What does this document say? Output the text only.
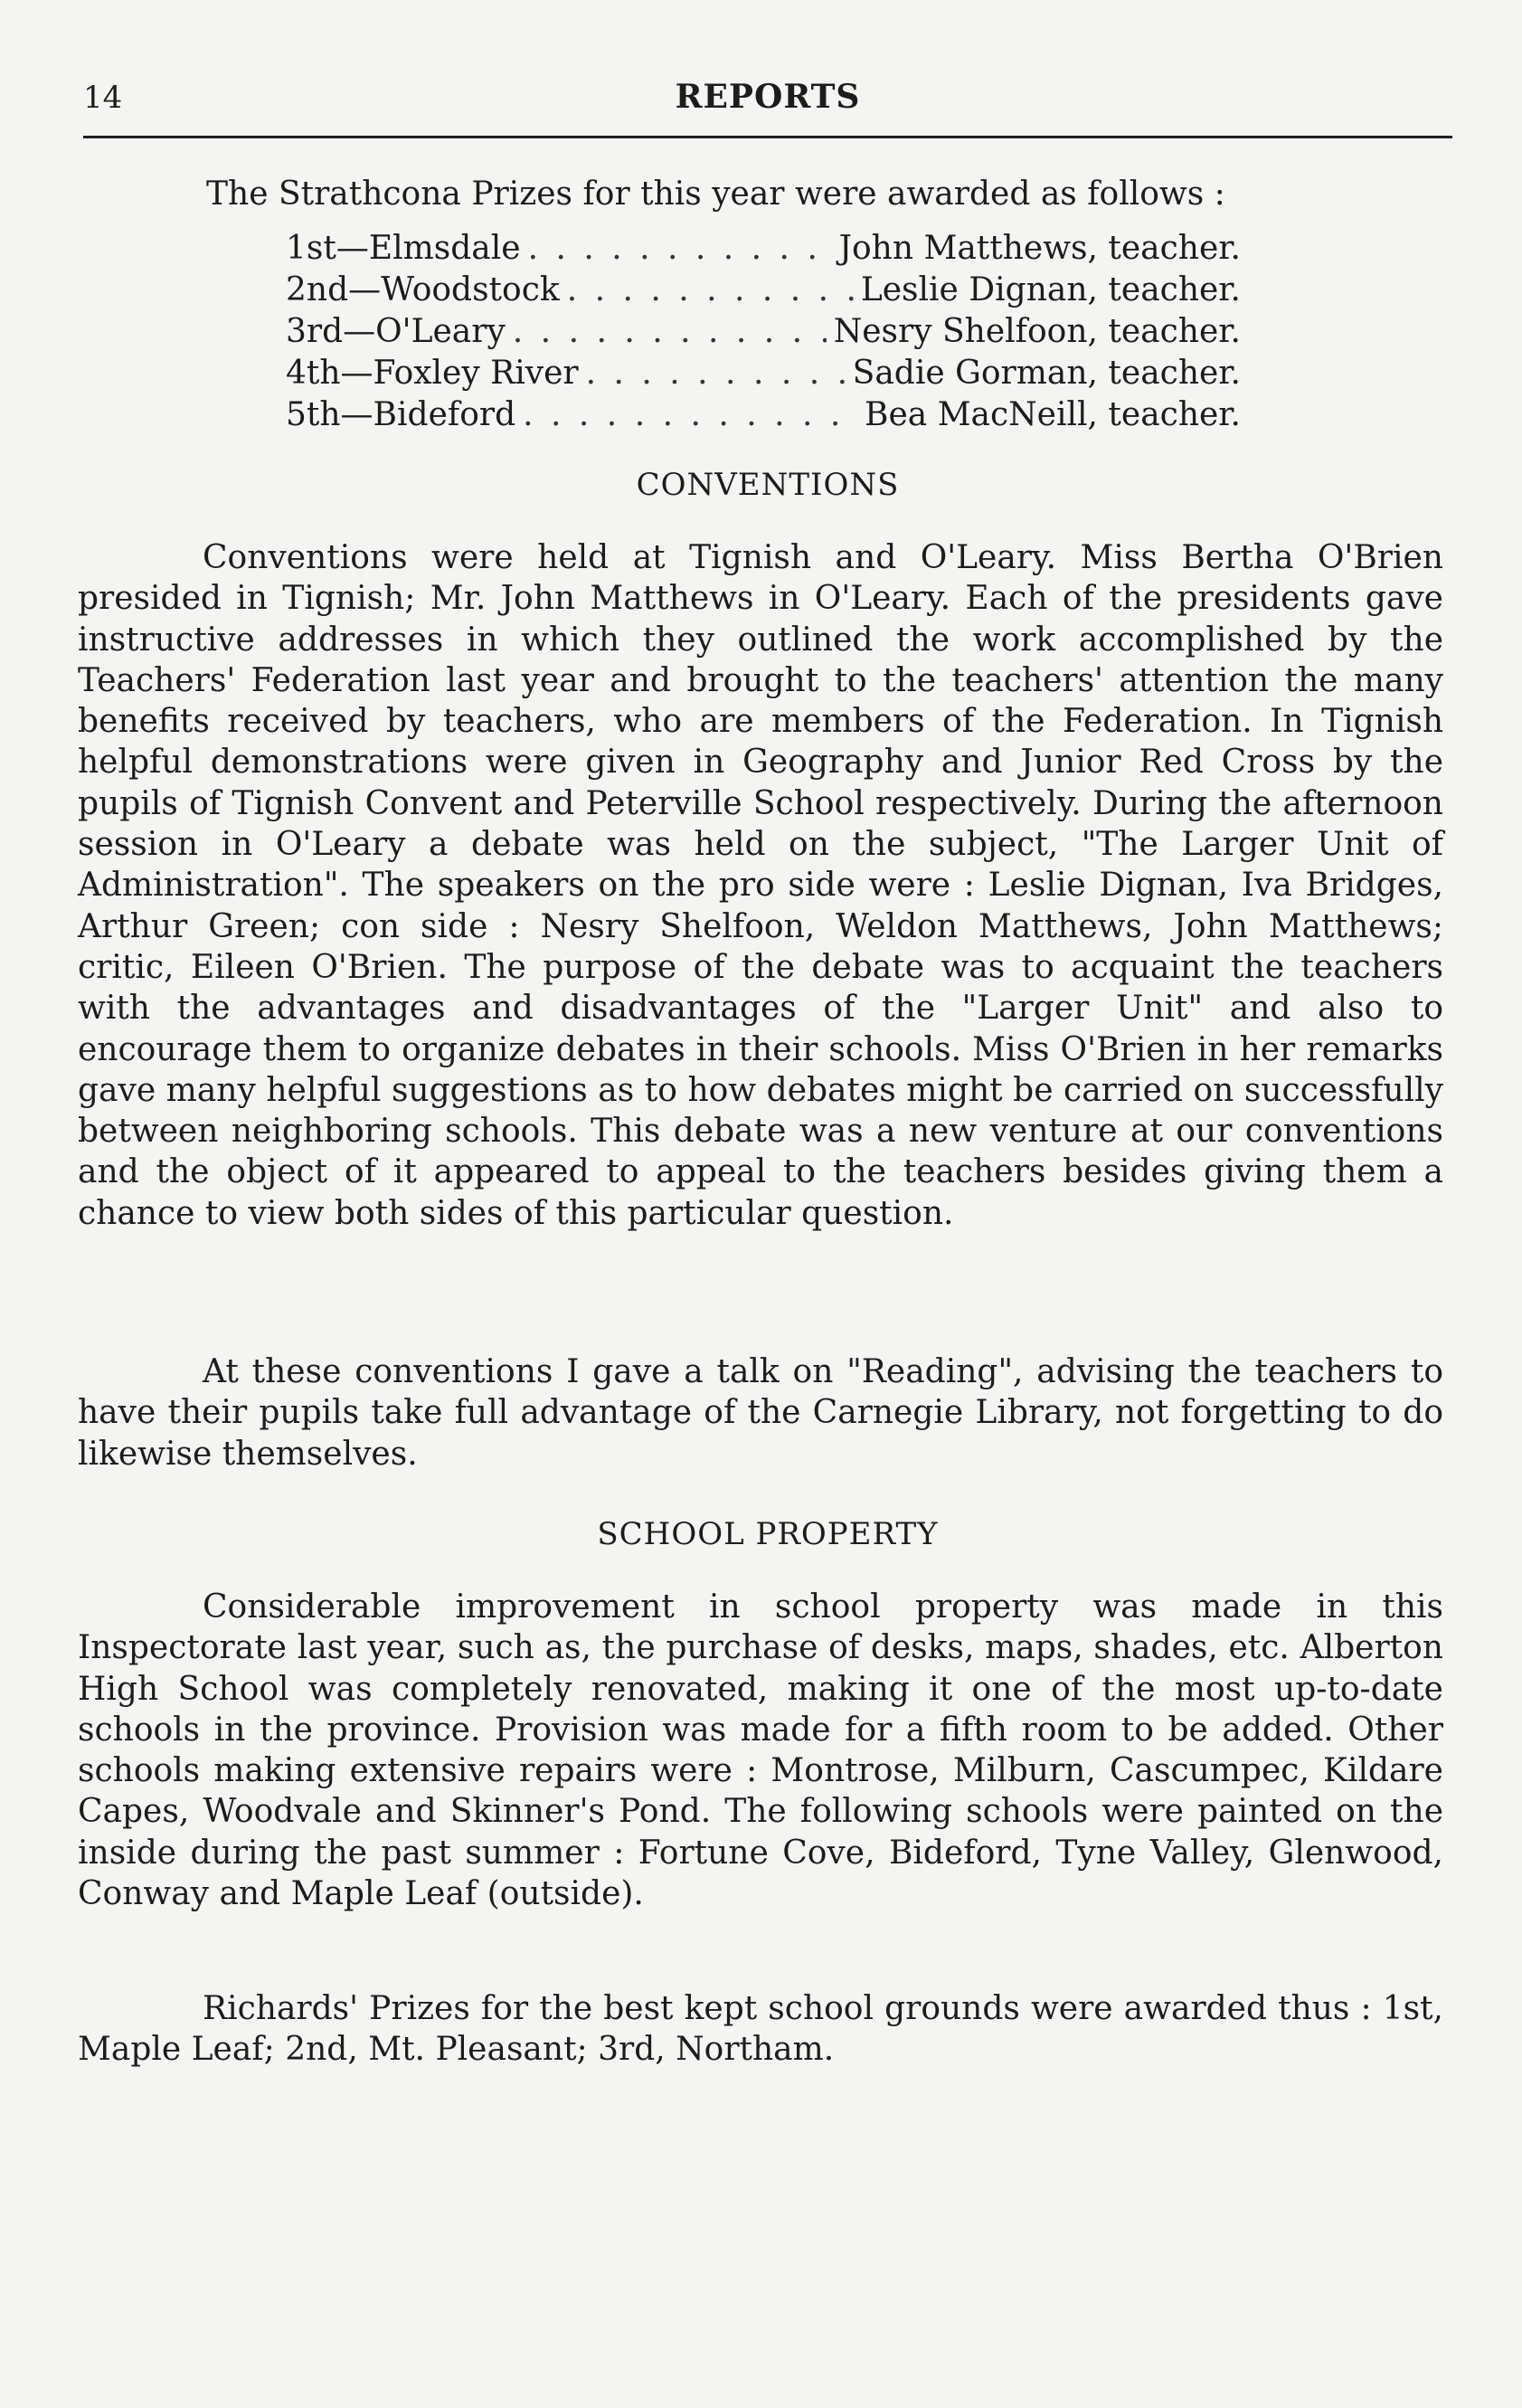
14	REPORTS
The Strathcona Prizes for this year were awarded as follows :
1st—Elmsdale . . .	John Matthews, teacher.
2nd—Woodstock . . .	Leslie Dignan, teacher.
3rd—O'Leary . . .	Nesry Shelfoon, teacher.
4th—Foxley River . . .	Sadie Gorman, teacher.
5th—Bideford . . .	Bea MacNeill, teacher.
CONVENTIONS

Conventions were held at Tignish and O'Leary. Miss Bertha O'Brien presided in Tignish; Mr. John Matthews in O'Leary. Each of the presidents gave instructive addresses in which they outlined the work accomplished by the Teachers' Federation last year and brought to the teachers' attention the many benefits received by teachers, who are members of the Federation. In Tignish helpful demonstrations were given in Geography and Junior Red Cross by the pupils of Tignish Convent and Peterville School respectively. During the afternoon session in O'Leary a debate was held on the subject, "The Larger Unit of Administration". The speakers on the pro side were : Leslie Dignan, Iva Bridges, Arthur Green; con side : Nesry Shelfoon, Weldon Matthews, John Matthews; critic, Eileen O'Brien. The purpose of the debate was to acquaint the teachers with the advantages and disadvantages of the "Larger Unit" and also to encourage them to organize debates in their schools. Miss O'Brien in her remarks gave many helpful suggestions as to how debates might be carried on successfully between neighboring schools. This debate was a new venture at our conventions and the object of it appeared to appeal to the teachers besides giving them a chance to view both sides of this particular question.

At these conventions I gave a talk on "Reading", advising the teachers to have their pupils take full advantage of the Carnegie Library, not forgetting to do likewise themselves.

SCHOOL PROPERTY

Considerable improvement in school property was made in this Inspectorate last year, such as, the purchase of desks, maps, shades, etc. Alberton High School was completely renovated, making it one of the most up-to-date schools in the province. Provision was made for a fifth room to be added. Other schools making extensive repairs were : Montrose, Milburn, Cascumpec, Kildare Capes, Woodvale and Skinner's Pond. The following schools were painted on the inside during the past summer : Fortune Cove, Bideford, Tyne Valley, Glenwood, Conway and Maple Leaf (outside).

Richards' Prizes for the best kept school grounds were awarded thus : 1st, Maple Leaf; 2nd, Mt. Pleasant; 3rd, Northam.
